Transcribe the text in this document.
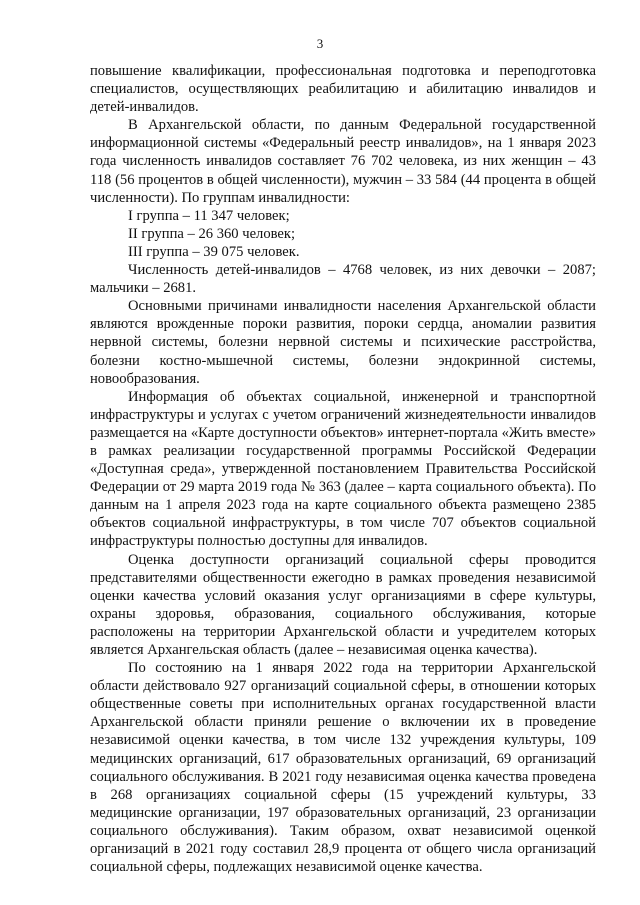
3

повышение квалификации, профессиональная подготовка и переподготовка специалистов, осуществляющих реабилитацию и абилитацию инвалидов и детей-инвалидов.

В Архангельской области, по данным Федеральной государственной информационной системы «Федеральный реестр инвалидов», на 1 января 2023 года численность инвалидов составляет 76 702 человека, из них женщин – 43 118 (56 процентов в общей численности), мужчин – 33 584 (44 процента в общей численности). По группам инвалидности:

I группа – 11 347 человек;

II группа – 26 360 человек;

III группа – 39 075 человек.

Численность детей-инвалидов – 4768 человек, из них девочки – 2087; мальчики – 2681.

Основными причинами инвалидности населения Архангельской области являются врожденные пороки развития, пороки сердца, аномалии развития нервной системы, болезни нервной системы и психические расстройства, болезни костно-мышечной системы, болезни эндокринной системы, новообразования.

Информация об объектах социальной, инженерной и транспортной инфраструктуры и услугах с учетом ограничений жизнедеятельности инвалидов размещается на «Карте доступности объектов» интернет-портала «Жить вместе» в рамках реализации государственной программы Российской Федерации «Доступная среда», утвержденной постановлением Правительства Российской Федерации от 29 марта 2019 года № 363 (далее – карта социального объекта). По данным на 1 апреля 2023 года на карте социального объекта размещено 2385 объектов социальной инфраструктуры, в том числе 707 объектов социальной инфраструктуры полностью доступны для инвалидов.

Оценка доступности организаций социальной сферы проводится представителями общественности ежегодно в рамках проведения независимой оценки качества условий оказания услуг организациями в сфере культуры, охраны здоровья, образования, социального обслуживания, которые расположены на территории Архангельской области и учредителем которых является Архангельская область (далее – независимая оценка качества).

По состоянию на 1 января 2022 года на территории Архангельской области действовало 927 организаций социальной сферы, в отношении которых общественные советы при исполнительных органах государственной власти Архангельской области приняли решение о включении их в проведение независимой оценки качества, в том числе 132 учреждения культуры, 109 медицинских организаций, 617 образовательных организаций, 69 организаций социального обслуживания. В 2021 году независимая оценка качества проведена в 268 организациях социальной сферы (15 учреждений культуры, 33 медицинские организации, 197 образовательных организаций, 23 организации социального обслуживания). Таким образом, охват независимой оценкой организаций в 2021 году составил 28,9 процента от общего числа организаций социальной сферы, подлежащих независимой оценке качества.
